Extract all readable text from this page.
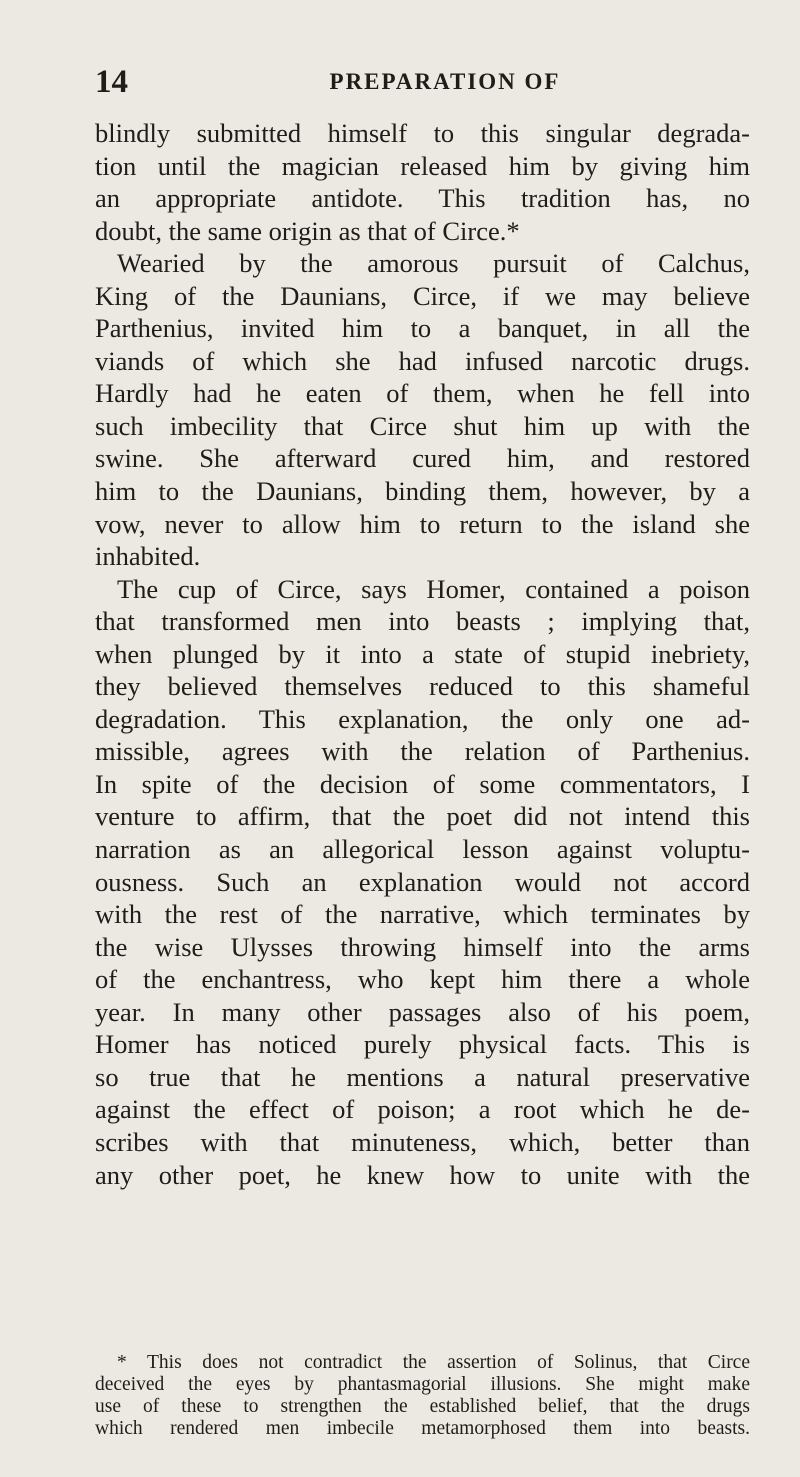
14	PREPARATION OF
blindly submitted himself to this singular degrada-
tion until the magician released him by giving him
an appropriate antidote. This tradition has, no
doubt, the same origin as that of Circe.*
Wearied by the amorous pursuit of Calchus,
King of the Daunians, Circe, if we may believe
Parthenius, invited him to a banquet, in all the
viands of which she had infused narcotic drugs.
Hardly had he eaten of them, when he fell into
such imbecility that Circe shut him up with the
swine. She afterward cured him, and restored
him to the Daunians, binding them, however, by a
vow, never to allow him to return to the island she
inhabited.
The cup of Circe, says Homer, contained a poison
that transformed men into beasts ; implying that,
when plunged by it into a state of stupid inebriety,
they believed themselves reduced to this shameful
degradation. This explanation, the only one ad-
missible, agrees with the relation of Parthenius.
In spite of the decision of some commentators, I
venture to affirm, that the poet did not intend this
narration as an allegorical lesson against voluptu-
ousness. Such an explanation would not accord
with the rest of the narrative, which terminates by
the wise Ulysses throwing himself into the arms
of the enchantress, who kept him there a whole
year. In many other passages also of his poem,
Homer has noticed purely physical facts. This is
so true that he mentions a natural preservative
against the effect of poison; a root which he de-
scribes with that minuteness, which, better than
any other poet, he knew how to unite with the
* This does not contradict the assertion of Solinus, that Circe
deceived the eyes by phantasmagorial illusions. She might make
use of these to strengthen the established belief, that the drugs
which rendered men imbecile metamorphosed them into beasts.
